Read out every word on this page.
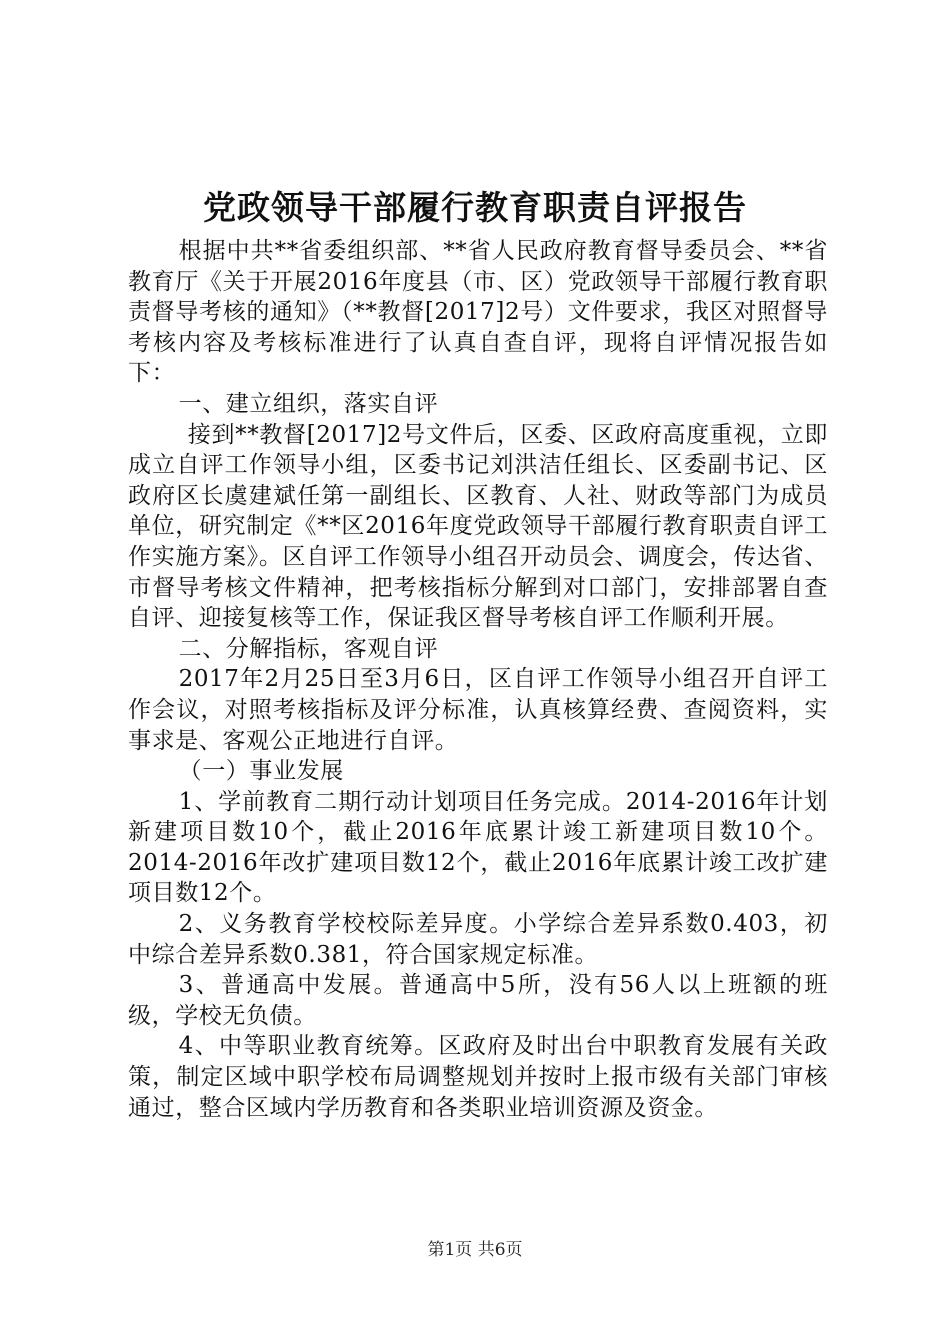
党政领导干部履行教育职责自评报告

根据中共**省委组织部、**省人民政府教育督导委员会、**省教育厅《关于开展2016年度县（市、区）党政领导干部履行教育职责督导考核的通知》（**教督[2017]2号）文件要求，我区对照督导考核内容及考核标准进行了认真自查自评，现将自评情况报告如下：

一、建立组织，落实自评

接到**教督[2017]2号文件后，区委、区政府高度重视，立即成立自评工作领导小组，区委书记刘洪洁任组长、区委副书记、区政府区长虞建斌任第一副组长、区教育、人社、财政等部门为成员单位，研究制定《**区2016年度党政领导干部履行教育职责自评工作实施方案》。区自评工作领导小组召开动员会、调度会，传达省、市督导考核文件精神，把考核指标分解到对口部门，安排部署自查自评、迎接复核等工作，保证我区督导考核自评工作顺利开展。

二、分解指标，客观自评

2017年2月25日至3月6日，区自评工作领导小组召开自评工作会议，对照考核指标及评分标准，认真核算经费、查阅资料，实事求是、客观公正地进行自评。

（一）事业发展

1、学前教育二期行动计划项目任务完成。2014-2016年计划新建项目数10个，截止2016年底累计竣工新建项目数10个。2014-2016年改扩建项目数12个，截止2016年底累计竣工改扩建项目数12个。

2、义务教育学校校际差异度。小学综合差异系数0.403，初中综合差异系数0.381，符合国家规定标准。

3、普通高中发展。普通高中5所，没有56人以上班额的班级，学校无负债。

4、中等职业教育统筹。区政府及时出台中职教育发展有关政策，制定区域中职学校布局调整规划并按时上报市级有关部门审核通过，整合区域内学历教育和各类职业培训资源及资金。

第1页 共6页
